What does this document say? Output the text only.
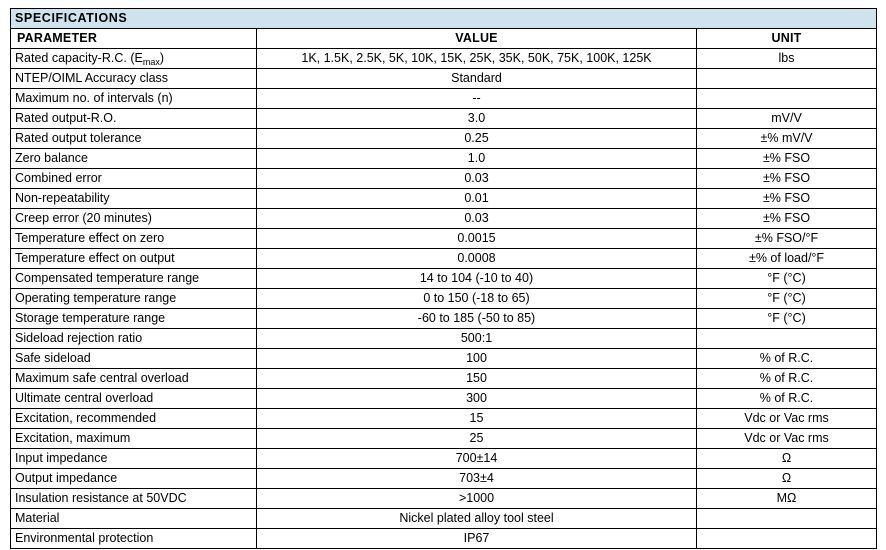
SPECIFICATIONS		
PARAMETER	VALUE	UNIT
Rated capacity-R.C. $(E_{max})$	1K, 1.5K, 2.5K, 5K, 10K, 15K, 25K, 35K, 50K, 75K, 100K, 125K	lbs
NTEP/OIML Accuracy class	Standard	
Maximum no. of intervals (n)	--	
Rated output-R.O.	3.0	mV/V
Rated output tolerance	0.25	±% mV/V
Zero balance	1.0	±% FSO
Combined error	0.03	±% FSO
Non-repeatability	0.01	±% FSO
Creep error (20 minutes)	0.03	±% FSO
Temperature effect on zero	0.0015	±% FSO/°F
Temperature effect on output	0.0008	±% of load/°F
Compensated temperature range	14 to 104 (-10 to 40)	°F (°C)
Operating temperature range	0 to 150 (-18 to 65)	°F (°C)
Storage temperature range	-60 to 185 (-50 to 85)	°F (°C)
Sideload rejection ratio	500:1	
Safe sideload	100	% of R.C.
Maximum safe central overload	150	% of R.C.
Ultimate central overload	300	% of R.C.
Excitation, recommended	15	Vdc or Vac rms
Excitation, maximum	25	Vdc or Vac rms
Input impedance	700±14	Ω
Output impedance	703±4	Ω
Insulation resistance at 50VDC	>1000	MΩ
Material	Nickel plated alloy tool steel	
Environmental protection	IP67	
